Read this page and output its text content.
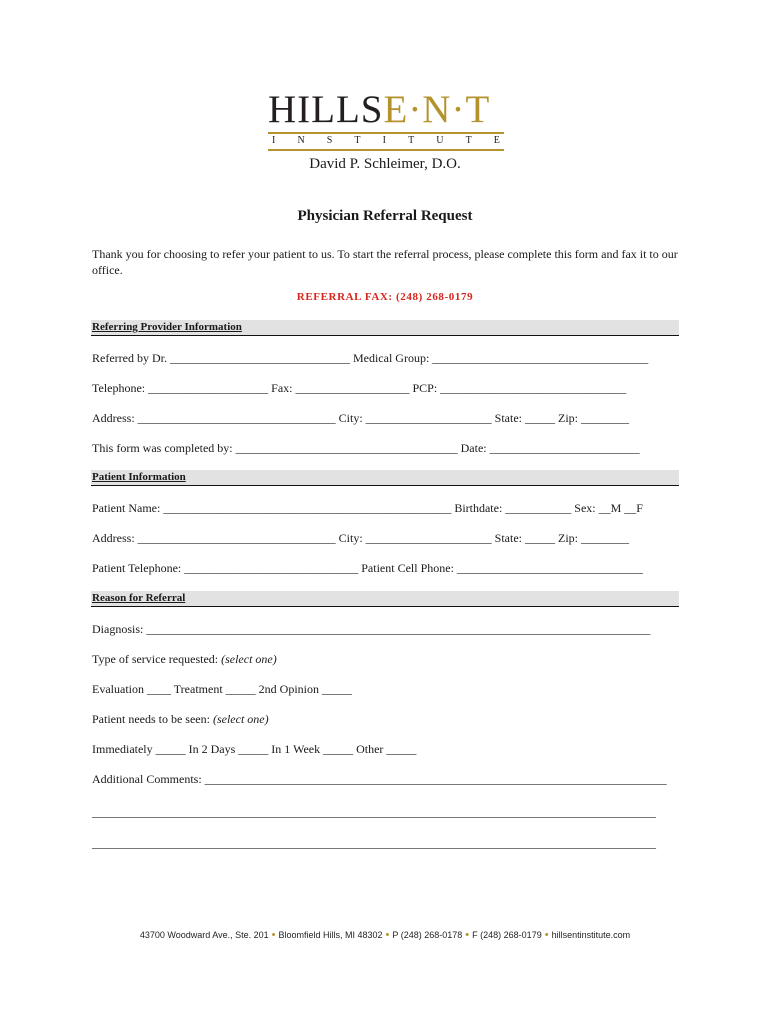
HILLSE·N·T
I N S T I T U T E
David P. Schleimer, D.O.
Physician Referral Request
Thank you for choosing to refer your patient to us. To start the referral process, please complete this form and fax it to our office.
REFERRAL FAX: (248) 268-0179
Referring Provider Information
Referred by Dr. ______________________________ Medical Group: ____________________________________
Telephone: ____________________ Fax: ___________________ PCP: _______________________________
Address: _________________________________ City: _____________________ State: _____ Zip: ________
This form was completed by: _____________________________________ Date: _________________________
Patient Information
Patient Name: ________________________________________________ Birthdate: ___________ Sex: __M __F
Address: _________________________________ City: _____________________ State: _____ Zip: ________
Patient Telephone: _____________________________ Patient Cell Phone: _______________________________
Reason for Referral
Diagnosis: ____________________________________________________________________________________
Type of service requested: (select one)
Evaluation ____ Treatment _____ 2nd Opinion _____
Patient needs to be seen: (select one)
Immediately _____ In 2 Days _____ In 1 Week _____ Other _____
Additional Comments: _____________________________________________________________________________
______________________________________________________________________________________________
______________________________________________________________________________________________
43700 Woodward Ave., Ste. 201 • Bloomfield Hills, MI 48302 • P (248) 268-0178 • F (248) 268-0179 • hillsentinstitute.com
